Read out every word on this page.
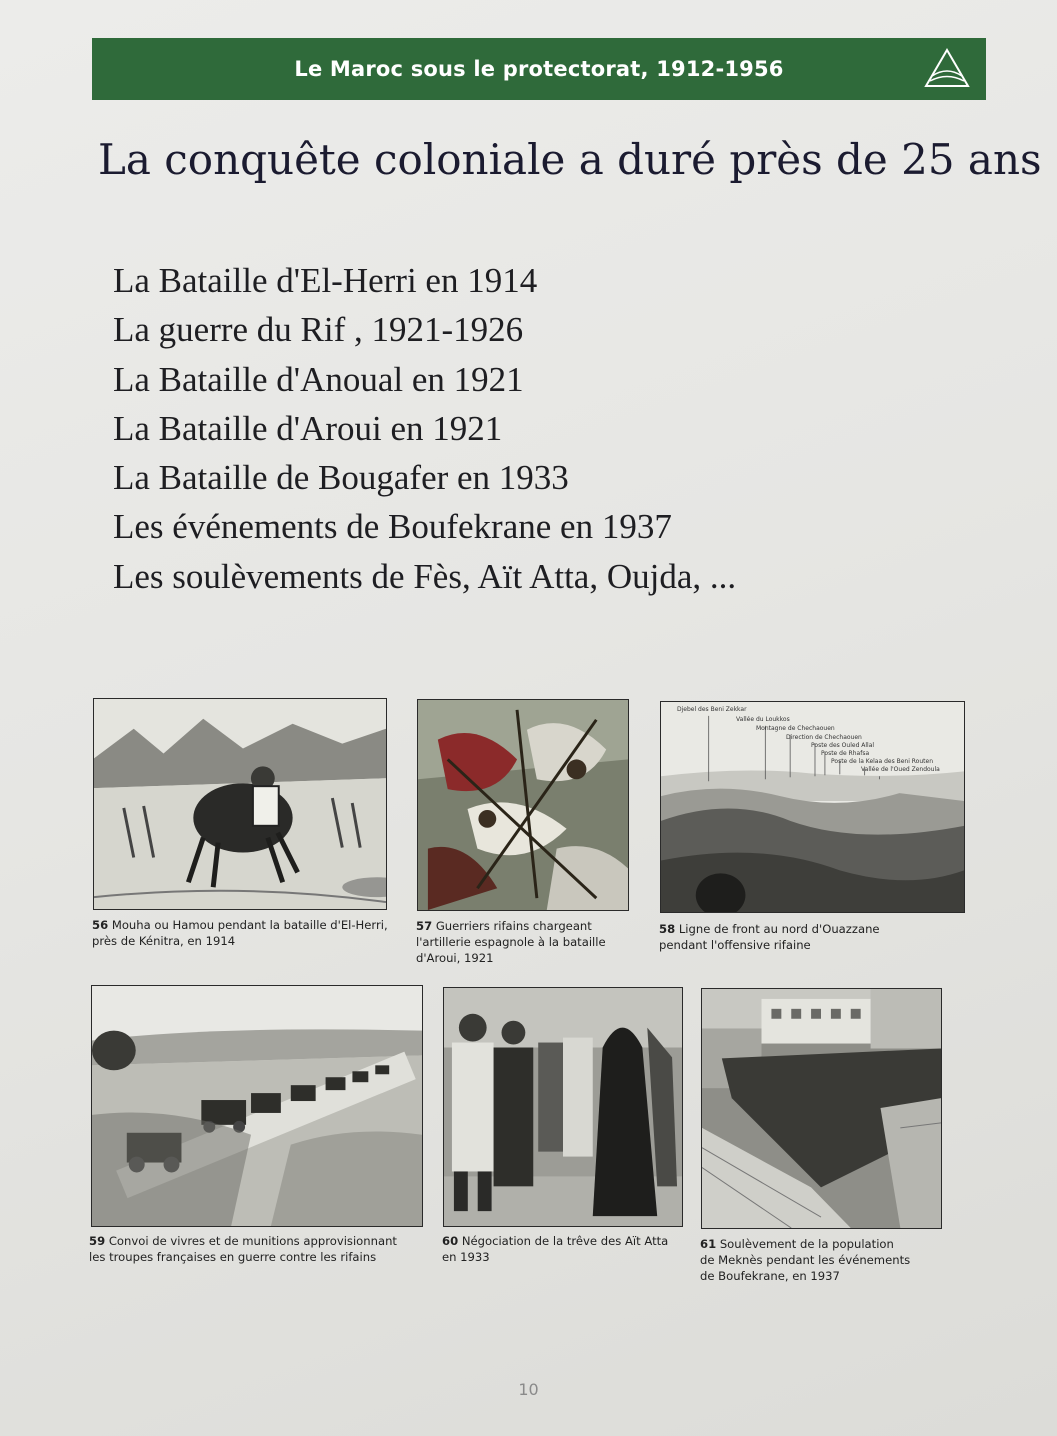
Le Maroc sous le protectorat, 1912-1956
La conquête coloniale a duré près de 25 ans
La Bataille d'El-Herri en 1914
La guerre du Rif , 1921-1926
La Bataille d'Anoual en 1921
La Bataille d'Aroui en 1921
La Bataille de Bougafer en 1933
Les événements de Boufekrane en 1937
Les soulèvements de Fès, Aït Atta, Oujda, ...

56 Mouha ou Hamou pendant la bataille d'El-Herri,
près de Kénitra, en 1914

57 Guerriers rifains chargeant
l'artillerie espagnole à la bataille
d'Aroui, 1921

Djebel des Beni Zekkar
Vallée du Loukkos
Montagne de Chechaouen
Direction de Chechaouen
Poste des Ouled Allal
Poste de Rhafsa
Poste de la Kelaa des Beni Routen
Vallée de l'Oued Zendoula

58 Ligne de front au nord d'Ouazzane
pendant l'offensive rifaine

59 Convoi de vivres et de munitions approvisionnant
les troupes françaises en guerre contre les rifains

60 Négociation de la trêve des Aït Atta
en 1933

61 Soulèvement de la population
de Meknès pendant les événements
de Boufekrane, en 1937

10
